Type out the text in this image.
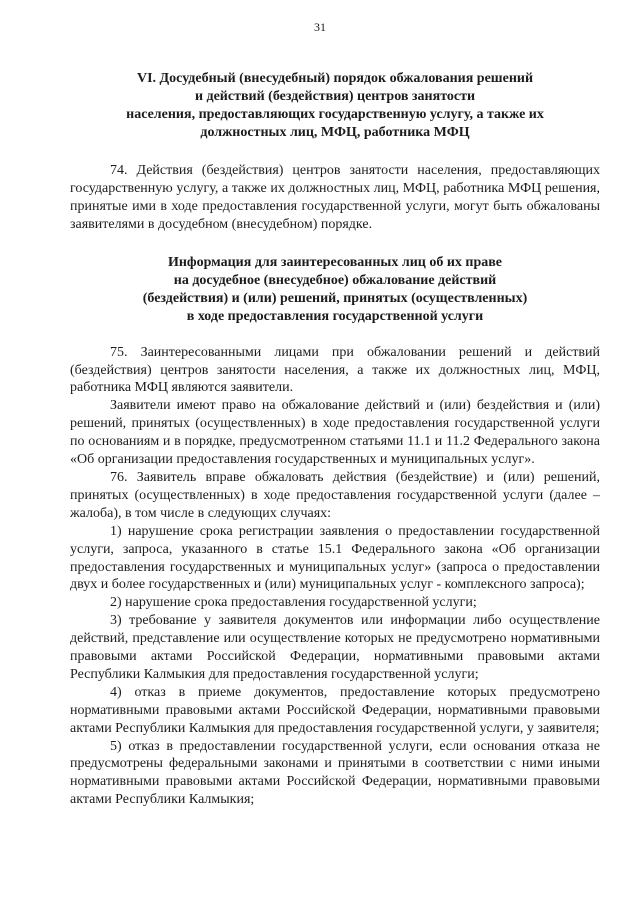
31
VI. Досудебный (внесудебный) порядок обжалования решений
и действий (бездействия) центров занятости
населения, предоставляющих государственную услугу, а также их
должностных лиц, МФЦ, работника МФЦ

74. Действия (бездействия) центров занятости населения, предоставляющих государственную услугу, а также их должностных лиц, МФЦ, работника МФЦ решения, принятые ими в ходе предоставления государственной услуги, могут быть обжалованы заявителями в досудебном (внесудебном) порядке.

Информация для заинтересованных лиц об их праве
на досудебное (внесудебное) обжалование действий
(бездействия) и (или) решений, принятых (осуществленных)
в ходе предоставления государственной услуги

75. Заинтересованными лицами при обжаловании решений и действий (бездействия) центров занятости населения, а также их должностных лиц, МФЦ, работника МФЦ являются заявители.

Заявители имеют право на обжалование действий и (или) бездействия и (или) решений, принятых (осуществленных) в ходе предоставления государственной услуги по основаниям и в порядке, предусмотренном статьями 11.1 и 11.2 Федерального закона «Об организации предоставления государственных и муниципальных услуг».

76. Заявитель вправе обжаловать действия (бездействие) и (или) решений, принятых (осуществленных) в ходе предоставления государственной услуги (далее – жалоба), в том числе в следующих случаях:

1) нарушение срока регистрации заявления о предоставлении государственной услуги, запроса, указанного в статье 15.1 Федерального закона «Об организации предоставления государственных и муниципальных услуг» (запроса о предоставлении двух и более государственных и (или) муниципальных услуг - комплексного запроса);

2) нарушение срока предоставления государственной услуги;

3) требование у заявителя документов или информации либо осуществление действий, представление или осуществление которых не предусмотрено нормативными правовыми актами Российской Федерации, нормативными правовыми актами Республики Калмыкия для предоставления государственной услуги;

4) отказ в приеме документов, предоставление которых предусмотрено нормативными правовыми актами Российской Федерации, нормативными правовыми актами Республики Калмыкия для предоставления государственной услуги, у заявителя;

5) отказ в предоставлении государственной услуги, если основания отказа не предусмотрены федеральными законами и принятыми в соответствии с ними иными нормативными правовыми актами Российской Федерации, нормативными правовыми актами Республики Калмыкия;
